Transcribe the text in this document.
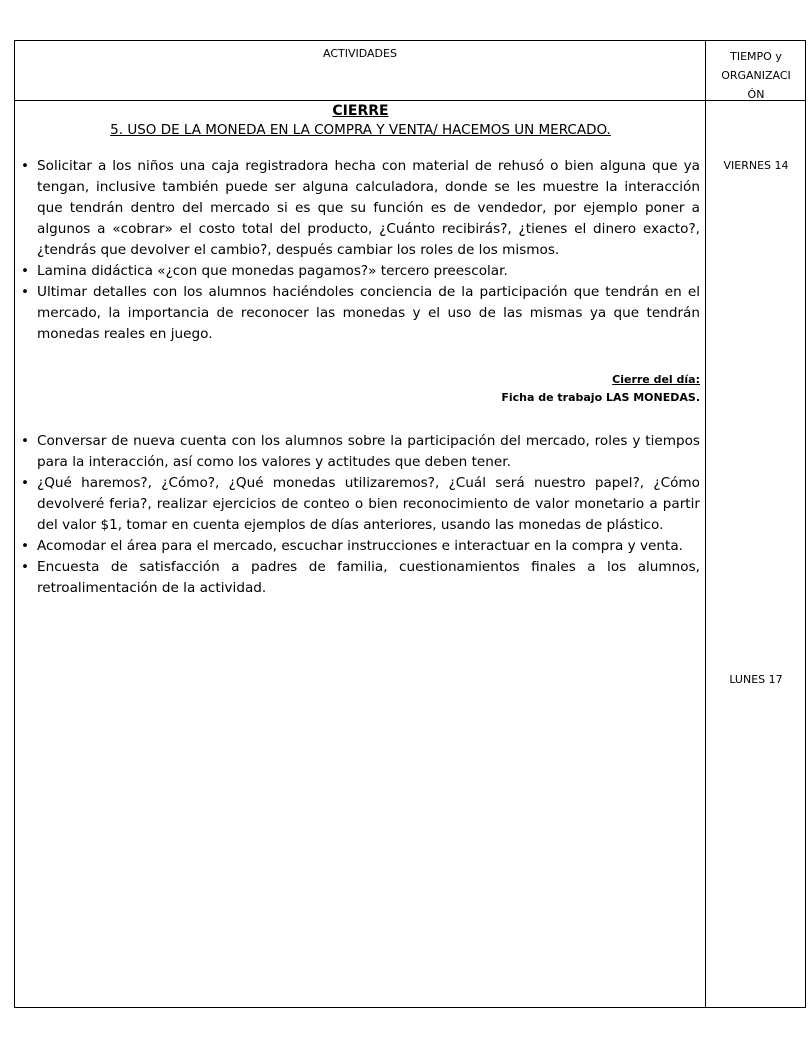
ACTIVIDADES	TIEMPO y
ORGANIZACI
ÓN
CIERRE
5. USO DE LA MONEDA EN LA COMPRA Y VENTA/ HACEMOS UN MERCADO.
• Solicitar a los niños una caja registradora hecha con material de rehusó o bien alguna que ya tengan, inclusive también puede ser alguna calculadora, donde se les muestre la interacción que tendrán dentro del mercado si es que su función es de vendedor, por ejemplo poner a algunos a «cobrar» el costo total del producto, ¿Cuánto recibirás?, ¿tienes el dinero exacto?, ¿tendrás que devolver el cambio?, después cambiar los roles de los mismos.
• Lamina didáctica «¿con que monedas pagamos?» tercero preescolar.
• Ultimar detalles con los alumnos haciéndoles conciencia de la participación que tendrán en el mercado, la importancia de reconocer las monedas y el uso de las mismas ya que tendrán monedas reales en juego.
Cierre del día:
Ficha de trabajo LAS MONEDAS.
• Conversar de nueva cuenta con los alumnos sobre la participación del mercado, roles y tiempos para la interacción, así como los valores y actitudes que deben tener.
• ¿Qué haremos?, ¿Cómo?, ¿Qué monedas utilizaremos?, ¿Cuál será nuestro papel?, ¿Cómo devolveré feria?, realizar ejercicios de conteo o bien reconocimiento de valor monetario a partir del valor $1, tomar en cuenta ejemplos de días anteriores, usando las monedas de plástico.
• Acomodar el área para el mercado, escuchar instrucciones e interactuar en la compra y venta.
• Encuesta de satisfacción a padres de familia, cuestionamientos finales a los alumnos, retroalimentación de la actividad.
VIERNES 14
LUNES 17
